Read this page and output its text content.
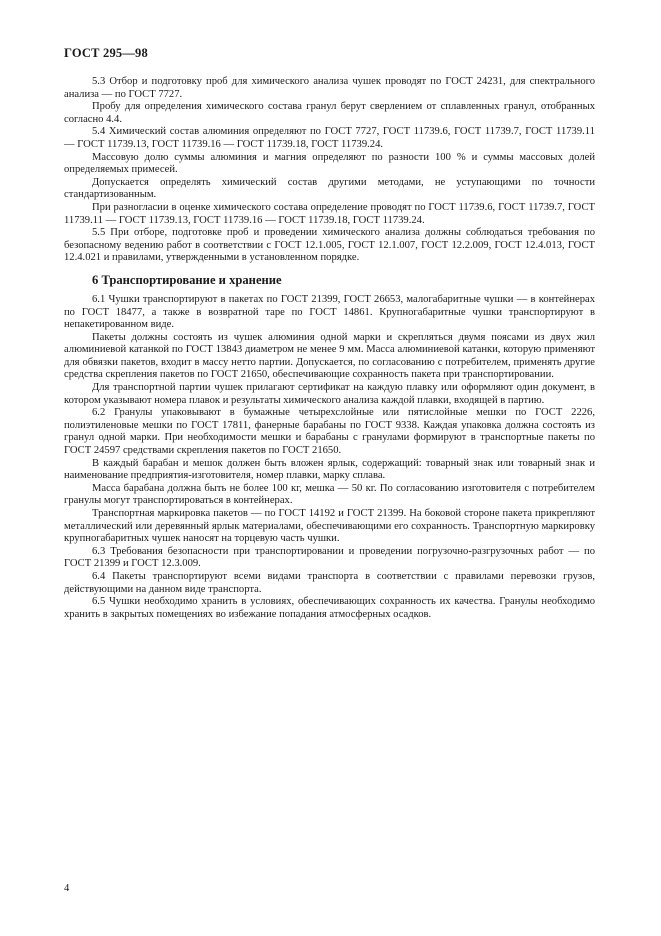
ГОСТ 295—98

5.3 Отбор и подготовку проб для химического анализа чушек проводят по ГОСТ 24231, для спектрального анализа — по ГОСТ 7727.

Пробу для определения химического состава гранул берут сверлением от сплавленных гранул, отобранных согласно 4.4.

5.4 Химический состав алюминия определяют по ГОСТ 7727, ГОСТ 11739.6, ГОСТ 11739.7, ГОСТ 11739.11 — ГОСТ 11739.13, ГОСТ 11739.16 — ГОСТ 11739.18, ГОСТ 11739.24.

Массовую долю суммы алюминия и магния определяют по разности 100 % и суммы массовых долей определяемых примесей.

Допускается определять химический состав другими методами, не уступающими по точности стандартизованным.

При разногласии в оценке химического состава определение проводят по ГОСТ 11739.6, ГОСТ 11739.7, ГОСТ 11739.11 — ГОСТ 11739.13, ГОСТ 11739.16 — ГОСТ 11739.18, ГОСТ 11739.24.

5.5 При отборе, подготовке проб и проведении химического анализа должны соблюдаться требования по безопасному ведению работ в соответствии с ГОСТ 12.1.005, ГОСТ 12.1.007, ГОСТ 12.2.009, ГОСТ 12.4.013, ГОСТ 12.4.021 и правилами, утвержденными в установленном порядке.

6 Транспортирование и хранение

6.1 Чушки транспортируют в пакетах по ГОСТ 21399, ГОСТ 26653, малогабаритные чушки — в контейнерах по ГОСТ 18477, а также в возвратной таре по ГОСТ 14861. Крупногабаритные чушки транспортируют в непакетированном виде.

Пакеты должны состоять из чушек алюминия одной марки и скрепляться двумя поясами из двух жил алюминиевой катанкой по ГОСТ 13843 диаметром не менее 9 мм. Масса алюминиевой катанки, которую применяют для обвязки пакетов, входит в массу нетто партии. Допускается, по согласованию с потребителем, применять другие средства скрепления пакетов по ГОСТ 21650, обеспечивающие сохранность пакета при транспортировании.

Для транспортной партии чушек прилагают сертификат на каждую плавку или оформляют один документ, в котором указывают номера плавок и результаты химического анализа каждой плавки, входящей в партию.

6.2 Гранулы упаковывают в бумажные четырехслойные или пятислойные мешки по ГОСТ 2226, полиэтиленовые мешки по ГОСТ 17811, фанерные барабаны по ГОСТ 9338. Каждая упаковка должна состоять из гранул одной марки. При необходимости мешки и барабаны с гранулами формируют в транспортные пакеты по ГОСТ 24597 средствами скрепления пакетов по ГОСТ 21650.

В каждый барабан и мешок должен быть вложен ярлык, содержащий: товарный знак или товарный знак и наименование предприятия-изготовителя, номер плавки, марку сплава.

Масса барабана должна быть не более 100 кг, мешка — 50 кг. По согласованию изготовителя с потребителем гранулы могут транспортироваться в контейнерах.

Транспортная маркировка пакетов — по ГОСТ 14192 и ГОСТ 21399. На боковой стороне пакета прикрепляют металлический или деревянный ярлык материалами, обеспечивающими его сохранность. Транспортную маркировку крупногабаритных чушек наносят на торцевую часть чушки.

6.3 Требования безопасности при транспортировании и проведении погрузочно-разгрузочных работ — по ГОСТ 21399 и ГОСТ 12.3.009.

6.4 Пакеты транспортируют всеми видами транспорта в соответствии с правилами перевозки грузов, действующими на данном виде транспорта.

6.5 Чушки необходимо хранить в условиях, обеспечивающих сохранность их качества. Гранулы необходимо хранить в закрытых помещениях во избежание попадания атмосферных осадков.

4
